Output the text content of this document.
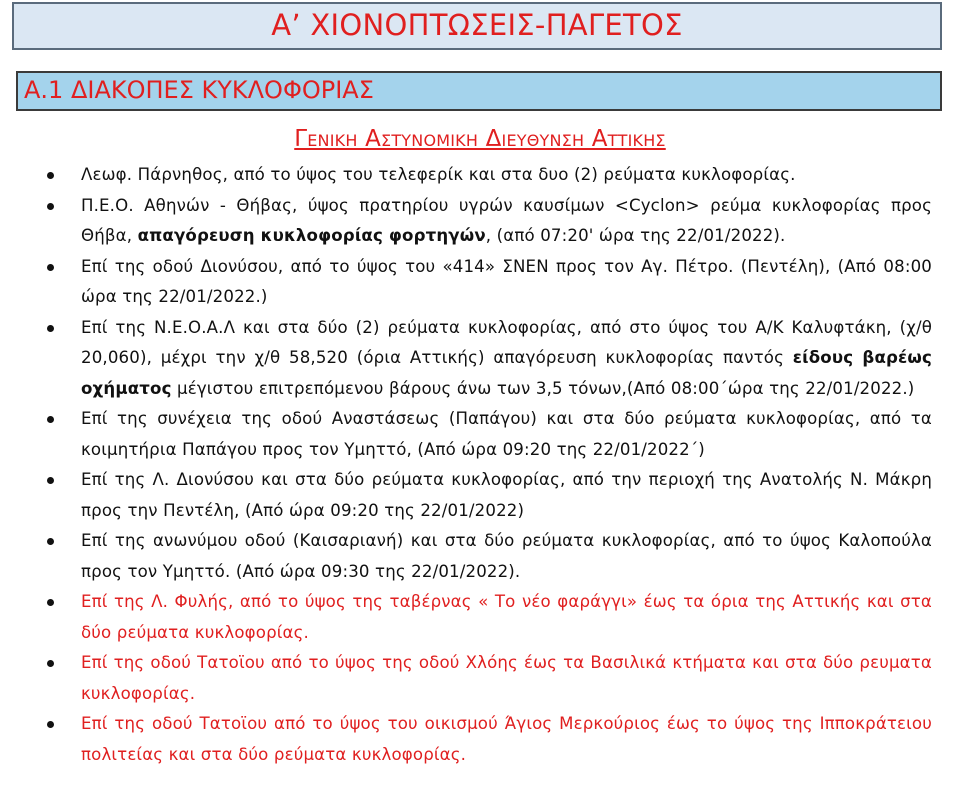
Α’ ΧΙΟΝΟΠΤΩΣΕΙΣ-ΠΑΓΕΤΟΣ
Α.1 ΔΙΑΚΟΠΕΣ ΚΥΚΛΟΦΟΡΙΑΣ
Γενικη Αστυνομικη Διευθυνση Αττικησ
Λεωφ. Πάρνηθος, από το ύψος του τελεφερίκ και στα δυο (2) ρεύματα κυκλοφορίας.
Π.Ε.Ο. Αθηνών - Θήβας, ύψος πρατηρίου υγρών καυσίμων <Cyclon> ρεύμα κυκλοφορίας προς Θήβα, απαγόρευση κυκλοφορίας φορτηγών, (από 07:20' ώρα της 22/01/2022).
Επί της οδού Διονύσου, από το ύψος του «414» ΣΝΕΝ προς τον Αγ. Πέτρο. (Πεντέλη), (Από 08:00 ώρα της 22/01/2022.)
Επί της Ν.Ε.Ο.Α.Λ και στα δύο (2) ρεύματα κυκλοφορίας, από στο ύψος του Α/Κ Καλυφτάκη, (χ/θ 20,060), μέχρι την χ/θ 58,520 (όρια Αττικής) απαγόρευση κυκλοφορίας παντός είδους βαρέως οχήματος μέγιστου επιτρεπόμενου βάρους άνω των 3,5 τόνων,(Από 08:00΄ώρα της 22/01/2022.)
Επί της συνέχεια της οδού Αναστάσεως (Παπάγου) και στα δύο ρεύματα κυκλοφορίας, από τα κοιμητήρια Παπάγου προς τον Υμηττό, (Από ώρα 09:20 της 22/01/2022΄)
Επί της Λ. Διονύσου και στα δύο ρεύματα κυκλοφορίας, από την περιοχή της Ανατολής Ν. Μάκρη προς την Πεντέλη, (Από ώρα 09:20 της 22/01/2022)
Επί της ανωνύμου οδού (Καισαριανή) και στα δύο ρεύματα κυκλοφορίας, από το ύψος Καλοπούλα προς τον Υμηττό. (Από ώρα 09:30 της 22/01/2022).
Επί της Λ. Φυλής, από το ύψος της ταβέρνας « Το νέο φαράγγι» έως τα όρια της Αττικής και στα δύο ρεύματα κυκλοφορίας.
Επί της οδού Τατοϊου από το ύψος της οδού Χλόης έως τα Βασιλικά κτήματα και στα δύο ρευματα κυκλοφορίας.
Επί της οδού Τατοϊου από το ύψος του οικισμού Άγιος Μερκούριος έως το ύψος της Ιπποκράτειου πολιτείας και στα δύο ρεύματα κυκλοφορίας.
